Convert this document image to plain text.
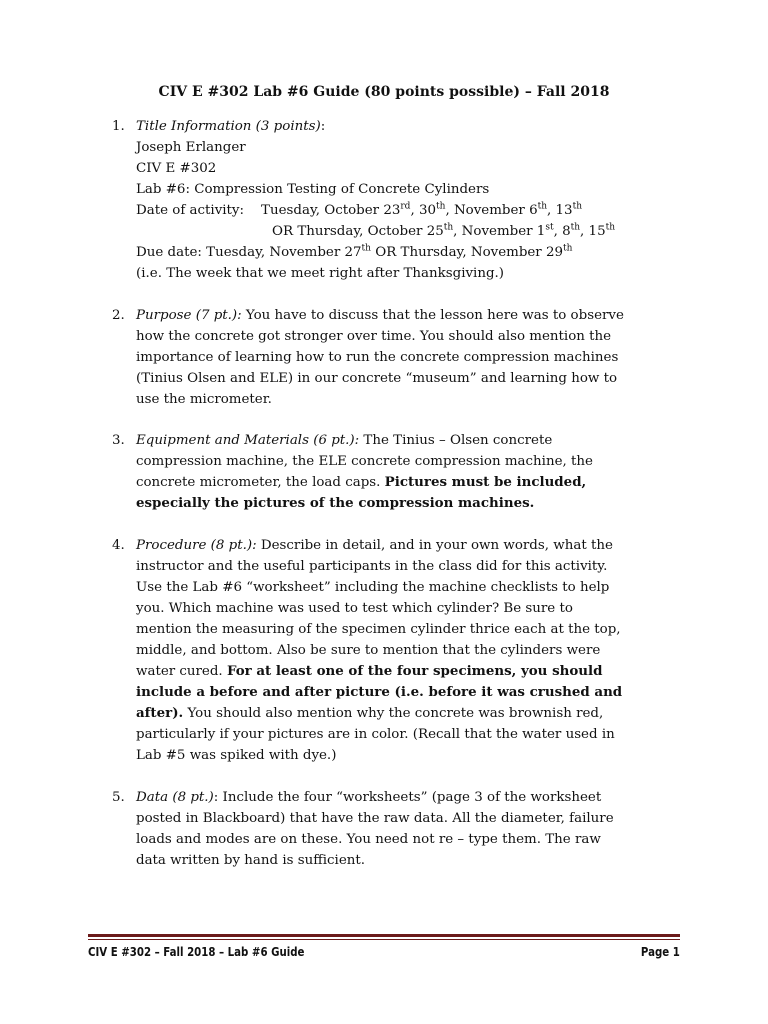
CIV E #302 Lab #6 Guide (80 points possible) – Fall 2018
1. Title Information (3 points):
Joseph Erlanger
CIV E #302
Lab #6: Compression Testing of Concrete Cylinders
Date of activity: Tuesday, October 23rd, 30th, November 6th, 13th
OR Thursday, October 25th, November 1st, 8th, 15th
Due date: Tuesday, November 27th OR Thursday, November 29th
(i.e. The week that we meet right after Thanksgiving.)
2. Purpose (7 pt.): You have to discuss that the lesson here was to observe
how the concrete got stronger over time. You should also mention the
importance of learning how to run the concrete compression machines
(Tinius Olsen and ELE) in our concrete “museum” and learning how to
use the micrometer.
3. Equipment and Materials (6 pt.): The Tinius – Olsen concrete
compression machine, the ELE concrete compression machine, the
concrete micrometer, the load caps. Pictures must be included,
especially the pictures of the compression machines.
4. Procedure (8 pt.): Describe in detail, and in your own words, what the
instructor and the useful participants in the class did for this activity.
Use the Lab #6 “worksheet” including the machine checklists to help
you. Which machine was used to test which cylinder? Be sure to
mention the measuring of the specimen cylinder thrice each at the top,
middle, and bottom. Also be sure to mention that the cylinders were
water cured. For at least one of the four specimens, you should
include a before and after picture (i.e. before it was crushed and
after). You should also mention why the concrete was brownish red,
particularly if your pictures are in color. (Recall that the water used in
Lab #5 was spiked with dye.)
5. Data (8 pt.): Include the four “worksheets” (page 3 of the worksheet
posted in Blackboard) that have the raw data. All the diameter, failure
loads and modes are on these. You need not re – type them. The raw
data written by hand is sufficient.
CIV E #302 – Fall 2018 – Lab #6 Guide	Page 1
